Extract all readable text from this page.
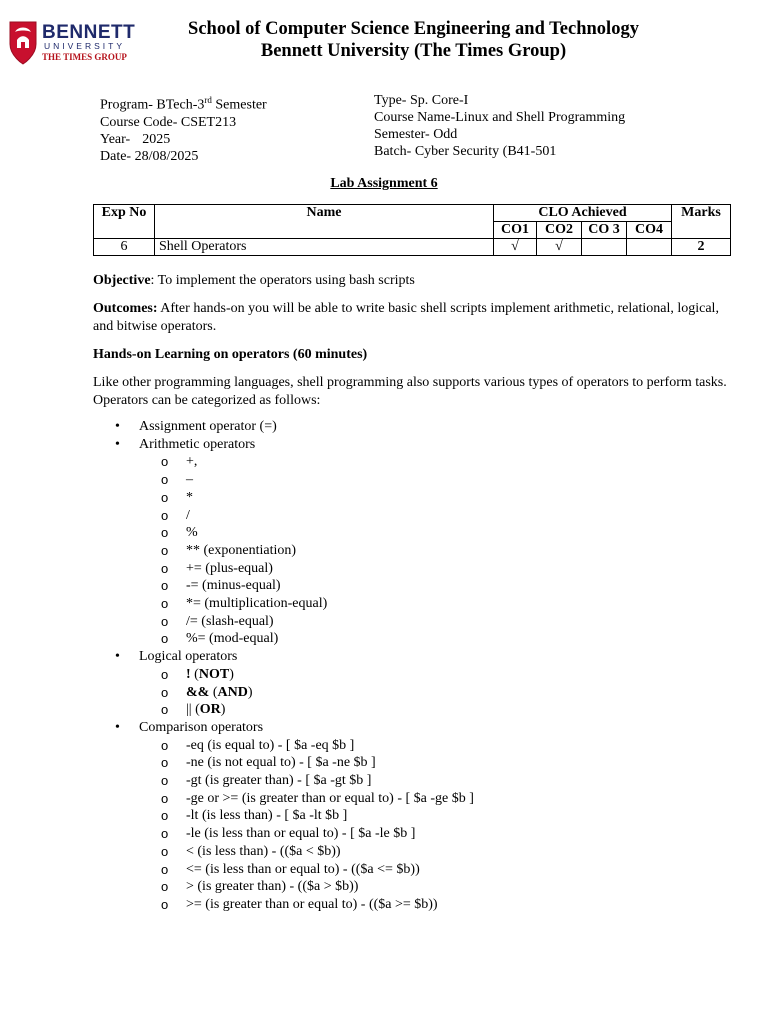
BENNETT
UNIVERSITY
THE TIMES GROUP
School of Computer Science Engineering and Technology
Bennett University (The Times Group)
Program- BTech-3rd Semester
Course Code- CSET213
Year- 2025
Date- 28/08/2025
Type- Sp. Core-I
Course Name-Linux and Shell Programming
Semester- Odd
Batch- Cyber Security (B41-501
Lab Assignment 6
Exp No	Name	CLO Achieved				Marks
		CO1	CO2	CO 3	CO4	
6	Shell Operators	√	√			2

Objective: To implement the operators using bash scripts

Outcomes: After hands-on you will be able to write basic shell scripts implement arithmetic, relational, logical, and bitwise operators.

Hands-on Learning on operators (60 minutes)

Like other programming languages, shell programming also supports various types of operators to perform tasks. Operators can be categorized as follows:

• Assignment operator (=)
• Arithmetic operators
o +,
o –
o *
o /
o %
o ** (exponentiation)
o += (plus-equal)
o -= (minus-equal)
o *= (multiplication-equal)
o /= (slash-equal)
o %= (mod-equal)
• Logical operators
o ! (NOT)
o && (AND)
o || (OR)
• Comparison operators
o -eq (is equal to) - [ $a -eq $b ]
o -ne (is not equal to) - [ $a -ne $b ]
o -gt (is greater than) - [ $a -gt $b ]
o -ge or >= (is greater than or equal to) - [ $a -ge $b ]
o -lt (is less than) - [ $a -lt $b ]
o -le (is less than or equal to) - [ $a -le $b ]
o < (is less than) - (($a < $b))
o <= (is less than or equal to) - (($a <= $b))
o > (is greater than) - (($a > $b))
o >= (is greater than or equal to) - (($a >= $b))
